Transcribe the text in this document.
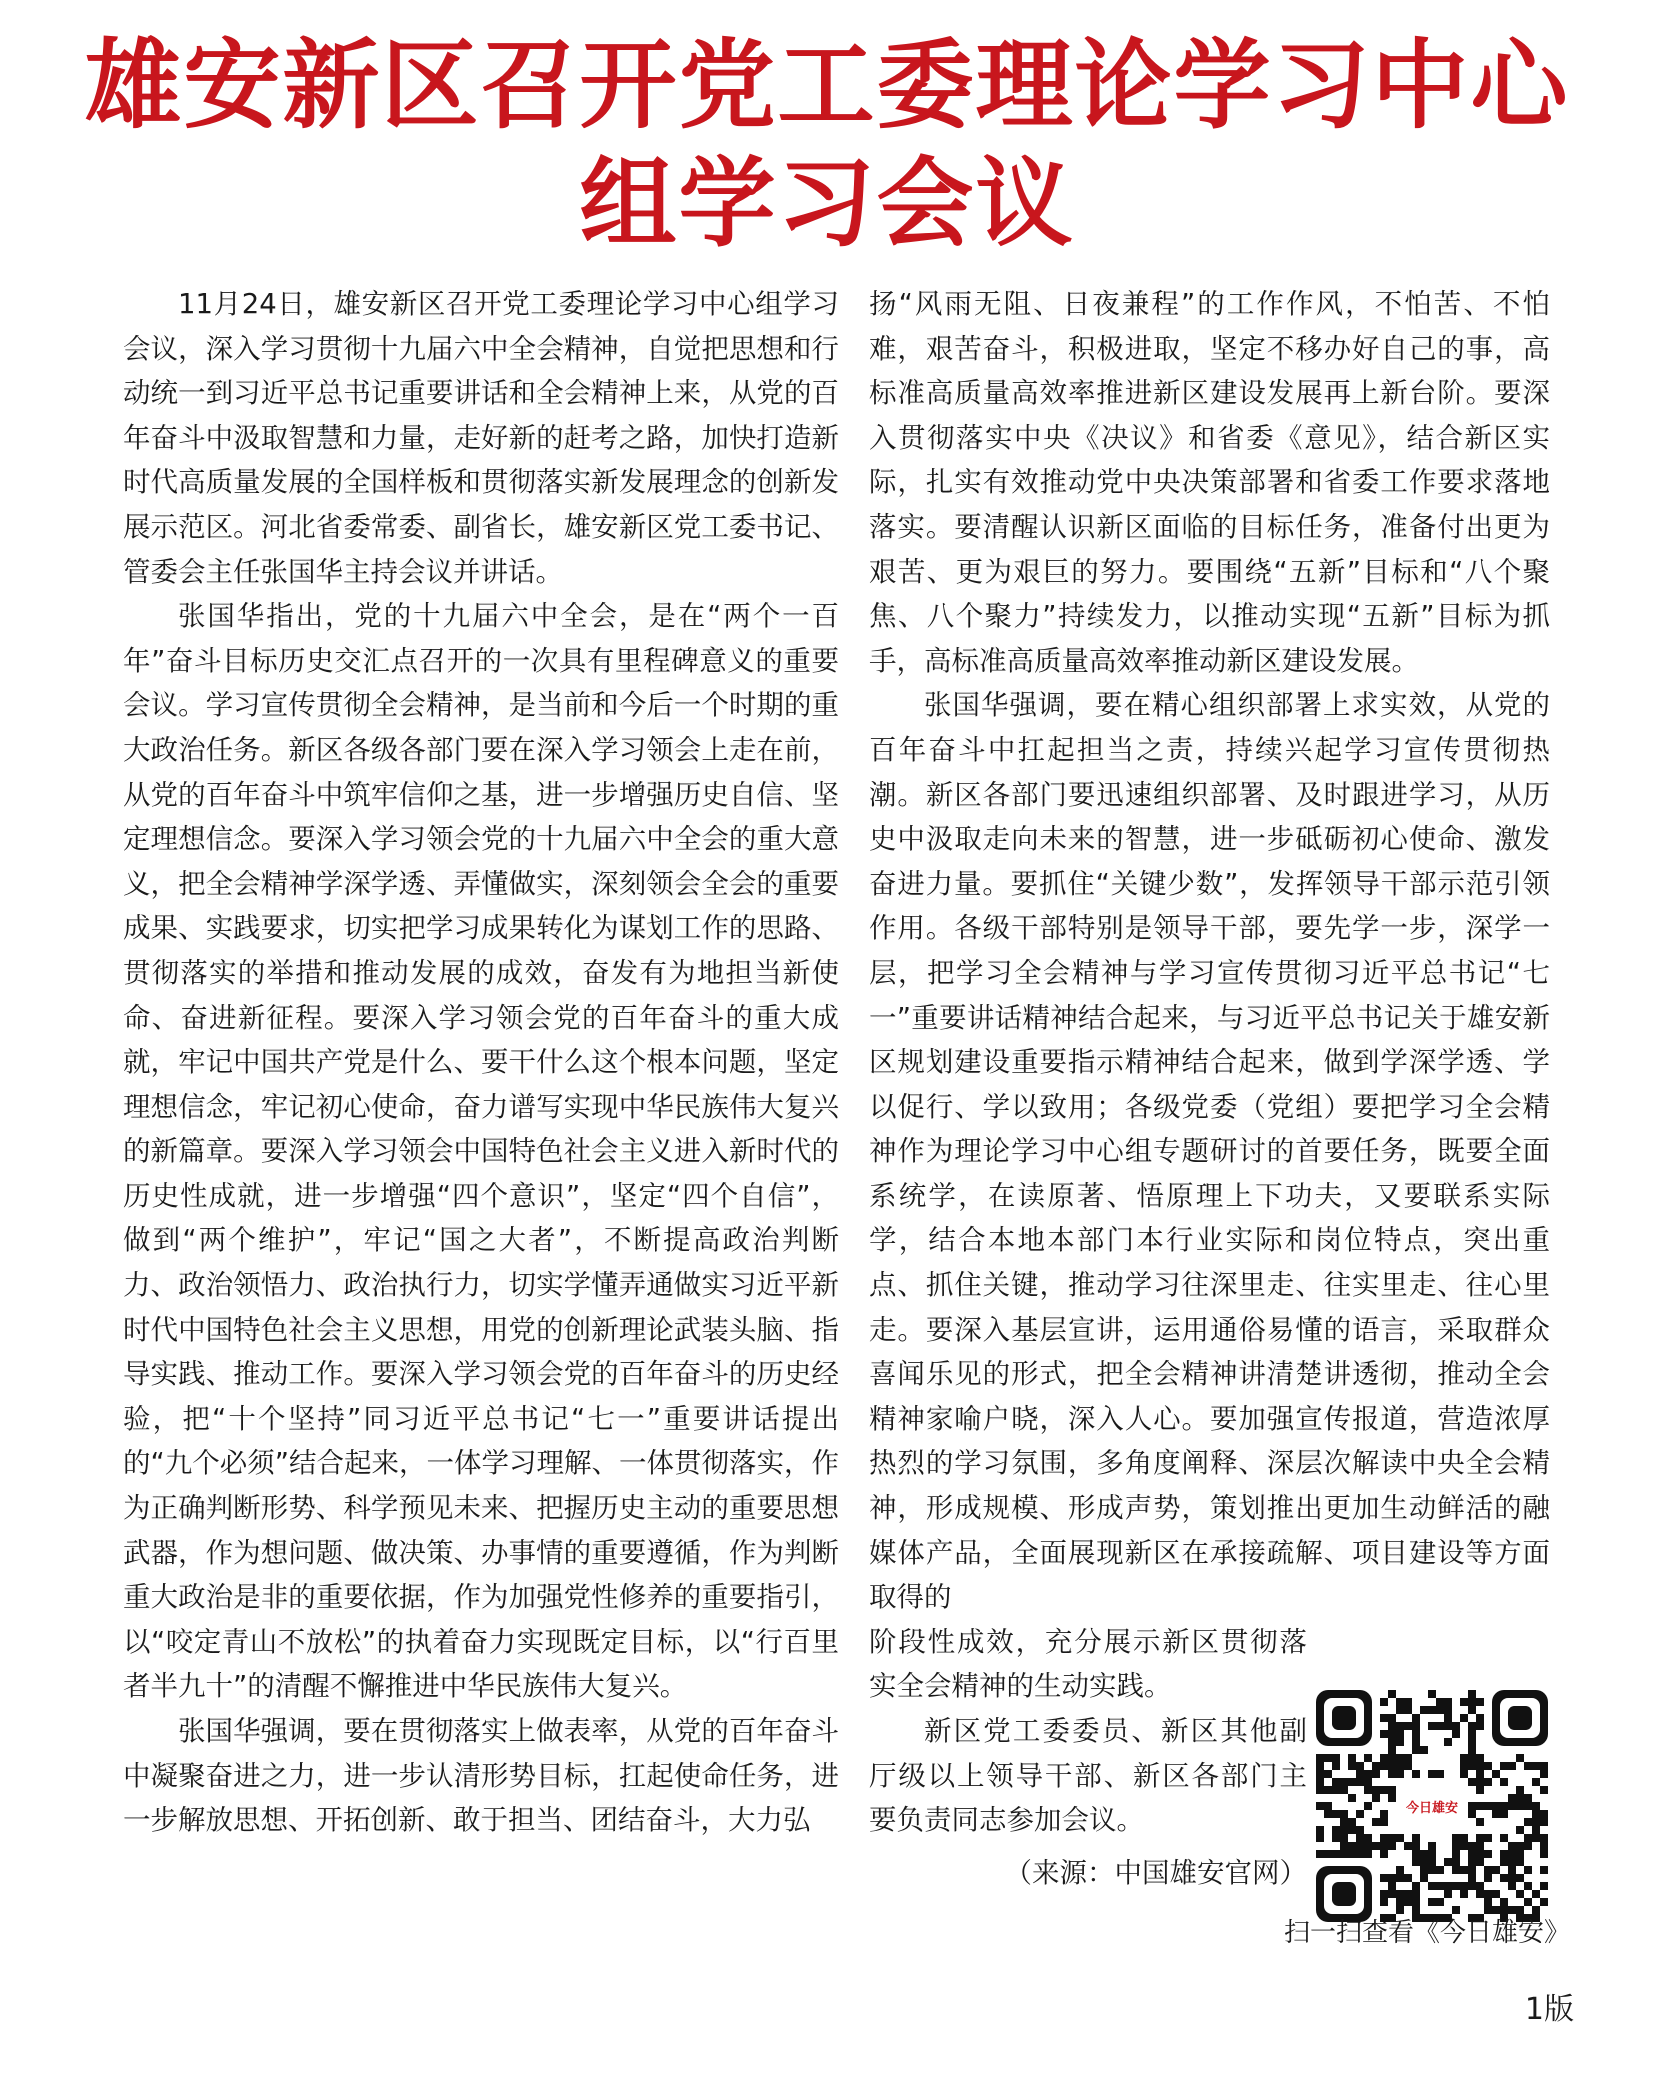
雄安新区召开党工委理论学习中心
组学习会议

11月24日，雄安新区召开党工委理论学习中心组学习会议，深入学习贯彻十九届六中全会精神，自觉把思想和行动统一到习近平总书记重要讲话和全会精神上来，从党的百年奋斗中汲取智慧和力量，走好新的赶考之路，加快打造新时代高质量发展的全国样板和贯彻落实新发展理念的创新发展示范区。河北省委常委、副省长，雄安新区党工委书记、管委会主任张国华主持会议并讲话。

张国华指出，党的十九届六中全会，是在“两个一百年”奋斗目标历史交汇点召开的一次具有里程碑意义的重要会议。学习宣传贯彻全会精神，是当前和今后一个时期的重大政治任务。新区各级各部门要在深入学习领会上走在前，从党的百年奋斗中筑牢信仰之基，进一步增强历史自信、坚定理想信念。要深入学习领会党的十九届六中全会的重大意义，把全会精神学深学透、弄懂做实，深刻领会全会的重要成果、实践要求，切实把学习成果转化为谋划工作的思路、贯彻落实的举措和推动发展的成效，奋发有为地担当新使命、奋进新征程。要深入学习领会党的百年奋斗的重大成就，牢记中国共产党是什么、要干什么这个根本问题，坚定理想信念，牢记初心使命，奋力谱写实现中华民族伟大复兴的新篇章。要深入学习领会中国特色社会主义进入新时代的历史性成就，进一步增强“四个意识”，坚定“四个自信”，做到“两个维护”，牢记“国之大者”，不断提高政治判断力、政治领悟力、政治执行力，切实学懂弄通做实习近平新时代中国特色社会主义思想，用党的创新理论武装头脑、指导实践、推动工作。要深入学习领会党的百年奋斗的历史经验，把“十个坚持”同习近平总书记“七一”重要讲话提出的“九个必须”结合起来，一体学习理解、一体贯彻落实，作为正确判断形势、科学预见未来、把握历史主动的重要思想武器，作为想问题、做决策、办事情的重要遵循，作为判断重大政治是非的重要依据，作为加强党性修养的重要指引，以“咬定青山不放松”的执着奋力实现既定目标，以“行百里者半九十”的清醒不懈推进中华民族伟大复兴。

张国华强调，要在贯彻落实上做表率，从党的百年奋斗中凝聚奋进之力，进一步认清形势目标，扛起使命任务，进一步解放思想、开拓创新、敢于担当、团结奋斗，大力弘

扬“风雨无阻、日夜兼程”的工作作风，不怕苦、不怕难，艰苦奋斗，积极进取，坚定不移办好自己的事，高标准高质量高效率推进新区建设发展再上新台阶。要深入贯彻落实中央《决议》和省委《意见》，结合新区实际，扎实有效推动党中央决策部署和省委工作要求落地落实。要清醒认识新区面临的目标任务，准备付出更为艰苦、更为艰巨的努力。要围绕“五新”目标和“八个聚焦、八个聚力”持续发力，以推动实现“五新”目标为抓手，高标准高质量高效率推动新区建设发展。

张国华强调，要在精心组织部署上求实效，从党的百年奋斗中扛起担当之责，持续兴起学习宣传贯彻热潮。新区各部门要迅速组织部署、及时跟进学习，从历史中汲取走向未来的智慧，进一步砥砺初心使命、激发奋进力量。要抓住“关键少数”，发挥领导干部示范引领作用。各级干部特别是领导干部，要先学一步，深学一层，把学习全会精神与学习宣传贯彻习近平总书记“七一”重要讲话精神结合起来，与习近平总书记关于雄安新区规划建设重要指示精神结合起来，做到学深学透、学以促行、学以致用；各级党委（党组）要把学习全会精神作为理论学习中心组专题研讨的首要任务，既要全面系统学，在读原著、悟原理上下功夫，又要联系实际学，结合本地本部门本行业实际和岗位特点，突出重点、抓住关键，推动学习往深里走、往实里走、往心里走。要深入基层宣讲，运用通俗易懂的语言，采取群众喜闻乐见的形式，把全会精神讲清楚讲透彻，推动全会精神家喻户晓，深入人心。要加强宣传报道，营造浓厚热烈的学习氛围，多角度阐释、深层次解读中央全会精神，形成规模、形成声势，策划推出更加生动鲜活的融媒体产品，全面展现新区在承接疏解、项目建设等方面取得的

阶段性成效，充分展示新区贯彻落实全会精神的生动实践。

新区党工委委员、新区其他副厅级以上领导干部、新区各部门主要负责同志参加会议。

（来源：中国雄安官网）
今日雄安
扫一扫查看《今日雄安》
1版
